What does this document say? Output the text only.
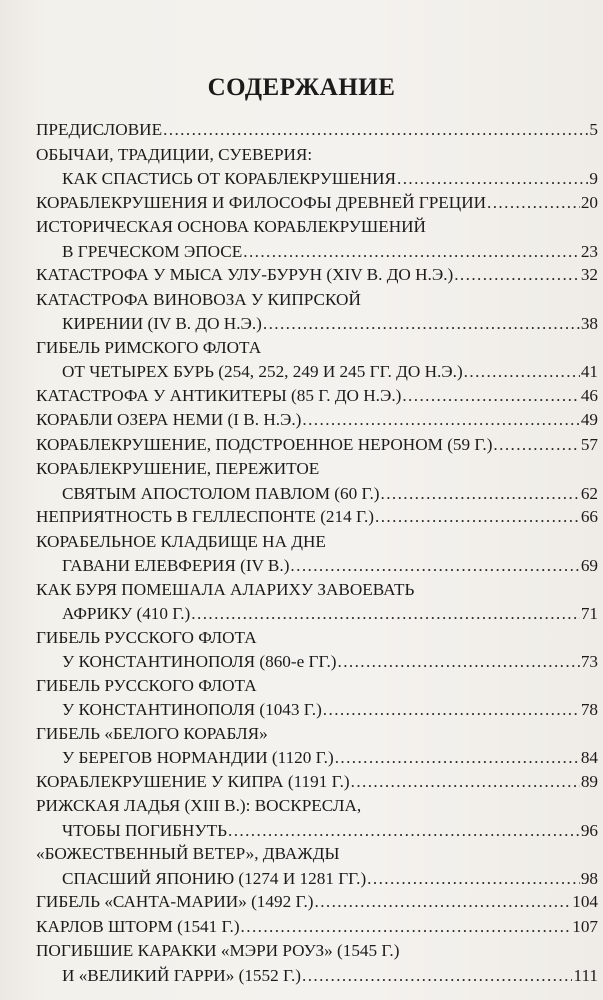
СОДЕРЖАНИЕ
ПРЕДИСЛОВИЕ .....	5
ОБЫЧАИ, ТРАДИЦИИ, СУЕВЕРИЯ:
КАК СПАСТИСЬ ОТ КОРАБЛЕКРУШЕНИЯ .....	9
КОРАБЛЕКРУШЕНИЯ И ФИЛОСОФЫ ДРЕВНЕЙ ГРЕЦИИ .....	20
ИСТОРИЧЕСКАЯ ОСНОВА КОРАБЛЕКРУШЕНИЙ
В ГРЕЧЕСКОМ ЭПОСЕ .....	23
КАТАСТРОФА У МЫСА УЛУ-БУРУН (XIV В. ДО Н.Э.) .....	32
КАТАСТРОФА ВИНОВОЗА У КИПРСКОЙ
КИРЕНИИ (IV В. ДО Н.Э.) .....	38
ГИБЕЛЬ РИМСКОГО ФЛОТА
ОТ ЧЕТЫРЕХ БУРЬ (254, 252, 249 И 245 ГГ. ДО Н.Э.) .....	41
КАТАСТРОФА У АНТИКИТЕРЫ (85 Г. ДО Н.Э.) .....	46
КОРАБЛИ ОЗЕРА НЕМИ (I В. Н.Э.) .....	49
КОРАБЛЕКРУШЕНИЕ, ПОДСТРОЕННОЕ НЕРОНОМ (59 Г.) .....	57
КОРАБЛЕКРУШЕНИЕ, ПЕРЕЖИТОЕ
СВЯТЫМ АПОСТОЛОМ ПАВЛОМ (60 Г.) .....	62
НЕПРИЯТНОСТЬ В ГЕЛЛЕСПОНТЕ (214 Г.) .....	66
КОРАБЕЛЬНОЕ КЛАДБИЩЕ НА ДНЕ
ГАВАНИ ЕЛЕВФЕРИЯ (IV В.) .....	69
КАК БУРЯ ПОМЕШАЛА АЛАРИХУ ЗАВОЕВАТЬ
АФРИКУ (410 Г.) .....	71
ГИБЕЛЬ РУССКОГО ФЛОТА
У КОНСТАНТИНОПОЛЯ (860-е ГГ.) .....	73
ГИБЕЛЬ РУССКОГО ФЛОТА
У КОНСТАНТИНОПОЛЯ (1043 Г.) .....	78
ГИБЕЛЬ «БЕЛОГО КОРАБЛЯ»
У БЕРЕГОВ НОРМАНДИИ (1120 Г.) .....	84
КОРАБЛЕКРУШЕНИЕ У КИПРА (1191 Г.) .....	89
РИЖСКАЯ ЛАДЬЯ (XIII В.): ВОСКРЕСЛА,
ЧТОБЫ ПОГИБНУТЬ .....	96
«БОЖЕСТВЕННЫЙ ВЕТЕР», ДВАЖДЫ
СПАСШИЙ ЯПОНИЮ (1274 И 1281 ГГ.) .....	98
ГИБЕЛЬ «САНТА-МАРИИ» (1492 Г.) .....	104
КАРЛОВ ШТОРМ (1541 Г.) .....	107
ПОГИБШИЕ КАРАККИ «МЭРИ РОУЗ» (1545 Г.)
И «ВЕЛИКИЙ ГАРРИ» (1552 Г.) .....	111
